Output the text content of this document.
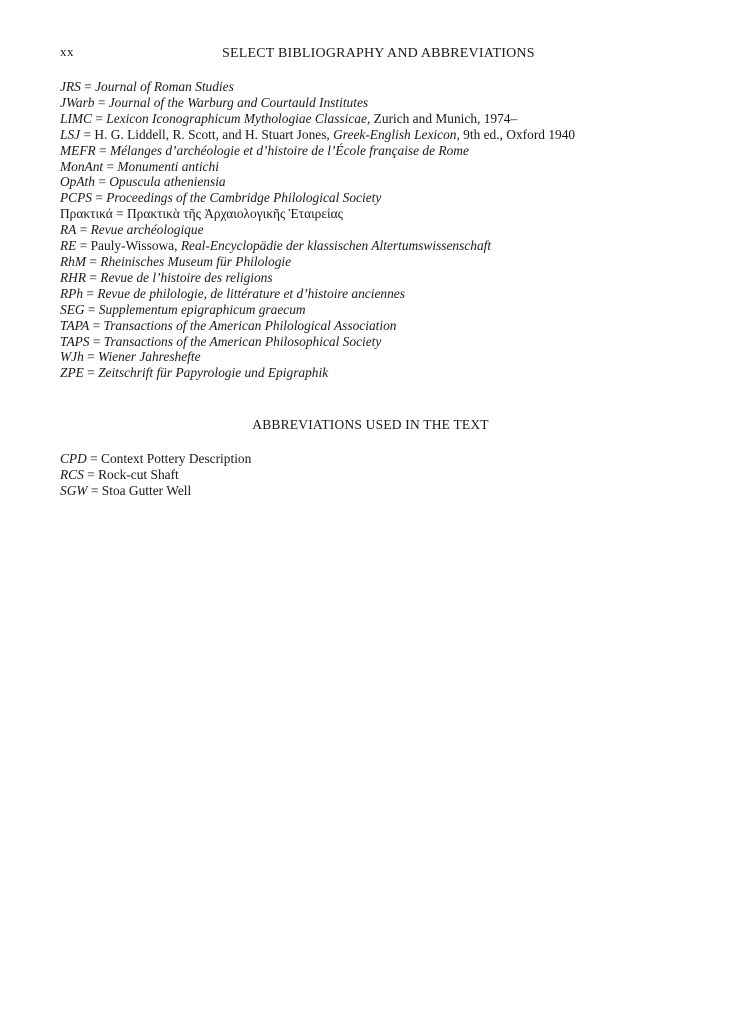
xx	SELECT BIBLIOGRAPHY AND ABBREVIATIONS
JRS = Journal of Roman Studies
JWarb = Journal of the Warburg and Courtauld Institutes
LIMC = Lexicon Iconographicum Mythologiae Classicae, Zurich and Munich, 1974–
LSJ = H. G. Liddell, R. Scott, and H. Stuart Jones, Greek-English Lexicon, 9th ed., Oxford 1940
MEFR = Mélanges d’archéologie et d’histoire de l’École française de Rome
MonAnt = Monumenti antichi
OpAth = Opuscula atheniensia
PCPS = Proceedings of the Cambridge Philological Society
Πρακτικά = Πρακτικὰ τῆς Ἀρχαιολογικῆς Ἑταιρείας
RA = Revue archéologique
RE = Pauly-Wissowa, Real-Encyclopädie der klassischen Altertumswissenschaft
RhM = Rheinisches Museum für Philologie
RHR = Revue de l’histoire des religions
RPh = Revue de philologie, de littérature et d’histoire anciennes
SEG = Supplementum epigraphicum graecum
TAPA = Transactions of the American Philological Association
TAPS = Transactions of the American Philosophical Society
WJh = Wiener Jahreshefte
ZPE = Zeitschrift für Papyrologie und Epigraphik
ABBREVIATIONS USED IN THE TEXT
CPD = Context Pottery Description
RCS = Rock-cut Shaft
SGW = Stoa Gutter Well
